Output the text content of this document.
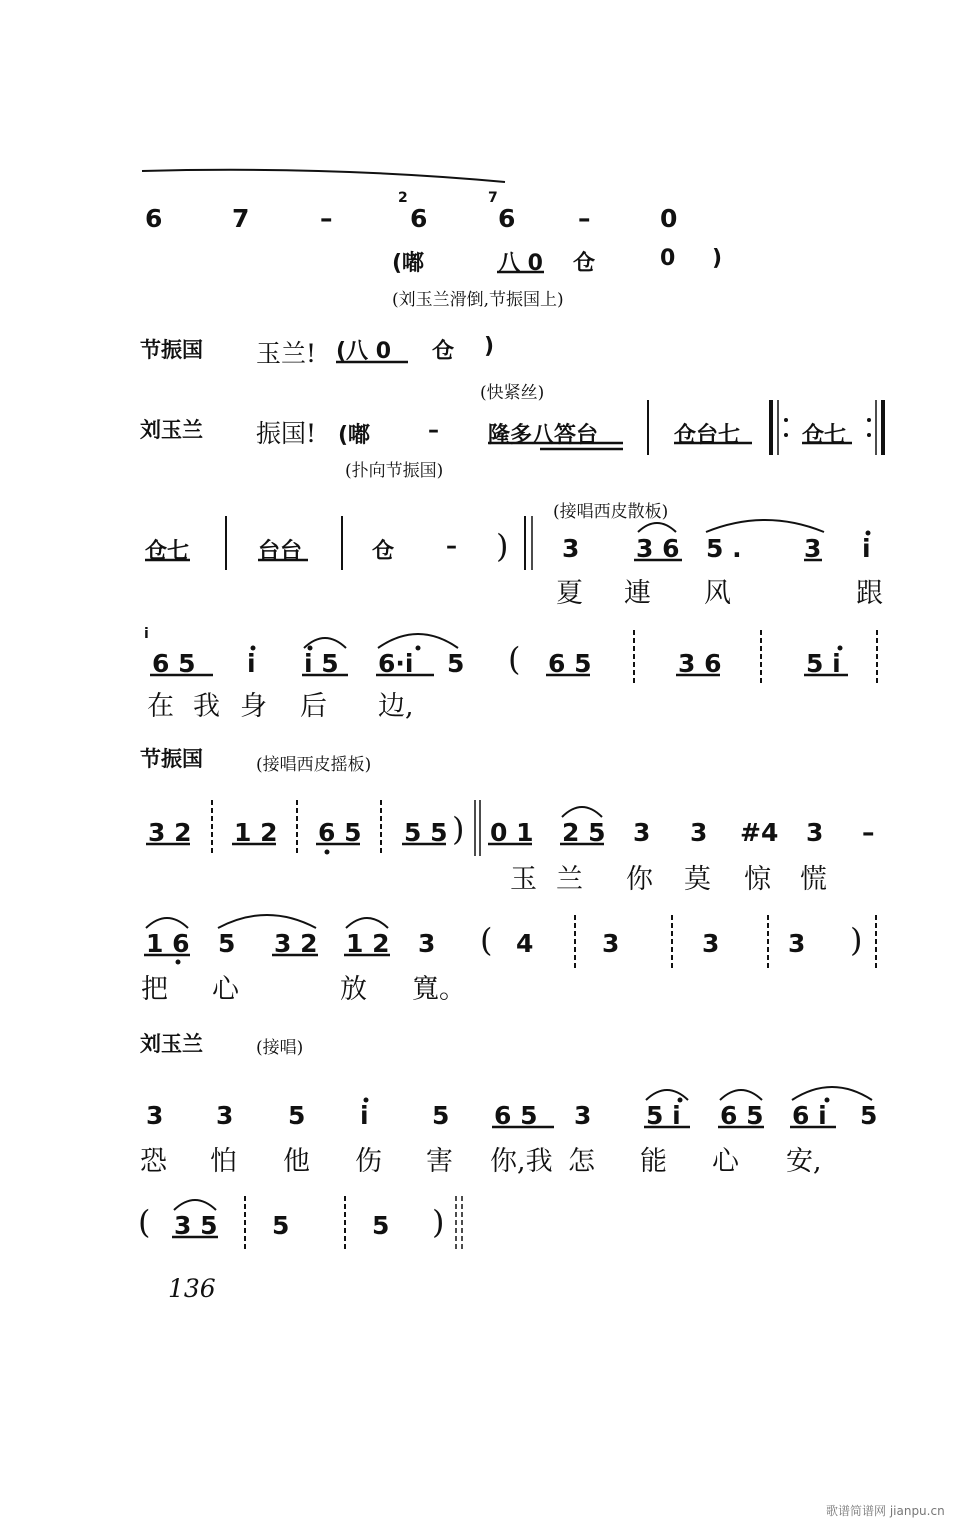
6	7	–
2
6
7
6	–	0
(嘟	八 0 仓	0 )
(刘玉兰滑倒,节振国上)
节振国 玉兰! (八 0 仓 )
(快紧丝)
刘玉兰 振国! (嘟	– 隆多八答台	仓台七	仓七
(扑向节振国)
(接唱西皮散板)
仓七	台台	仓 – ) 3 3 6 5 . 3 i
夏 連 风	跟
i
6 5 i i 5 6·i 5 ( 6 5	3 6	5 i
在 我 身 后 边,
节振国	(接唱西皮摇板)
3 2 1 2 6 5 5 5 ) 0 1 2 5 3 3 #4 3 –
玉 兰 你 莫 惊 慌
1 6 5 3 2 1 2 3 ( 4	3	3	3 )
把 心	放 寬。
刘玉兰	(接唱)
3 3 5 i	5 6 5 3 5 i 6 5 6 i 5
恐 怕 他 伤 害 你,我 怎 能 心 安,
( 3 5 5	5 )
136
歌谱简谱网 jianpu.cn
